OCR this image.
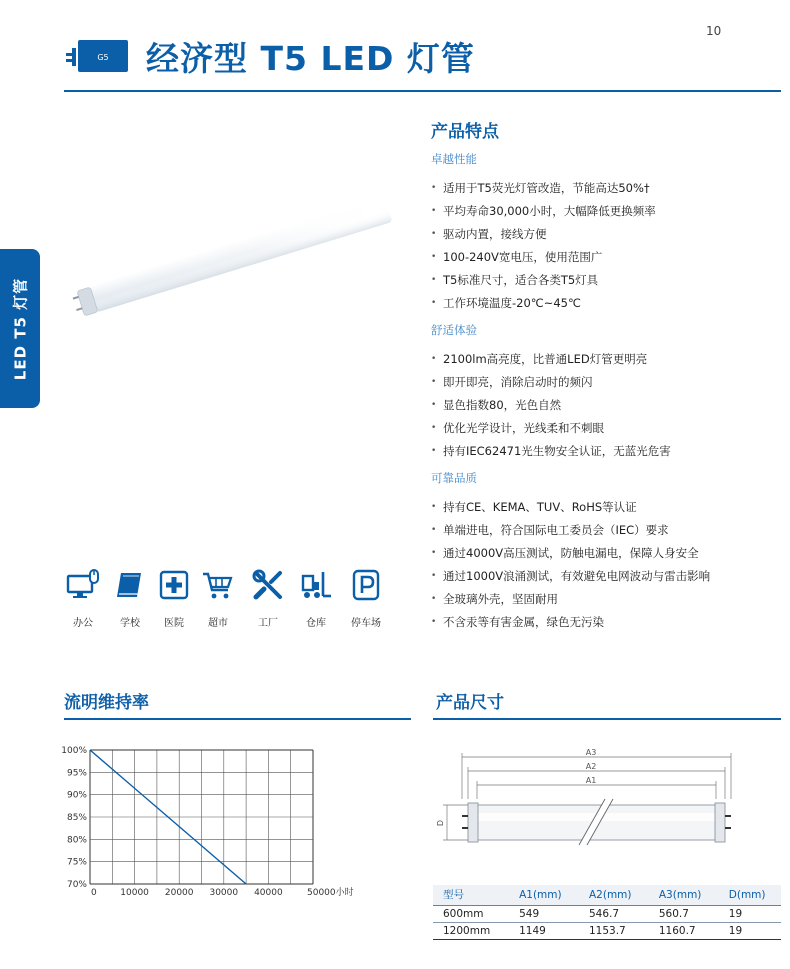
10
G5 经济型 T5 LED 灯管
LED T5 灯管
产品特点
卓越性能
• 适用于T5荧光灯管改造，节能高达50%†
• 平均寿命30,000小时，大幅降低更换频率
• 驱动内置，接线方便
• 100-240V宽电压，使用范围广
• T5标准尺寸，适合各类T5灯具
• 工作环境温度-20℃~45℃
舒适体验
• 2100lm高亮度，比普通LED灯管更明亮
• 即开即亮，消除启动时的频闪
• 显色指数80，光色自然
• 优化光学设计，光线柔和不刺眼
• 持有IEC62471光生物安全认证，无蓝光危害
可靠品质
• 持有CE、KEMA、TUV、RoHS等认证
• 单端进电，符合国际电工委员会（IEC）要求
• 通过4000V高压测试，防触电漏电，保障人身安全
• 通过1000V浪涌测试，有效避免电网波动与雷击影响
• 全玻璃外壳，坚固耐用
• 不含汞等有害金属，绿色无污染
办公	学校	医院	超市	工厂	仓库	停车场
流明维持率
100%
95%
90%
85%
80%
75%
70%
0	10000 20000 30000 40000	50000小时
产品尺寸
A3
A2
A1
D
型号	A1(mm)	A2(mm)	A3(mm)	D(mm)
600mm	549	546.7	560.7	19
1200mm	1149	1153.7	1160.7	19
